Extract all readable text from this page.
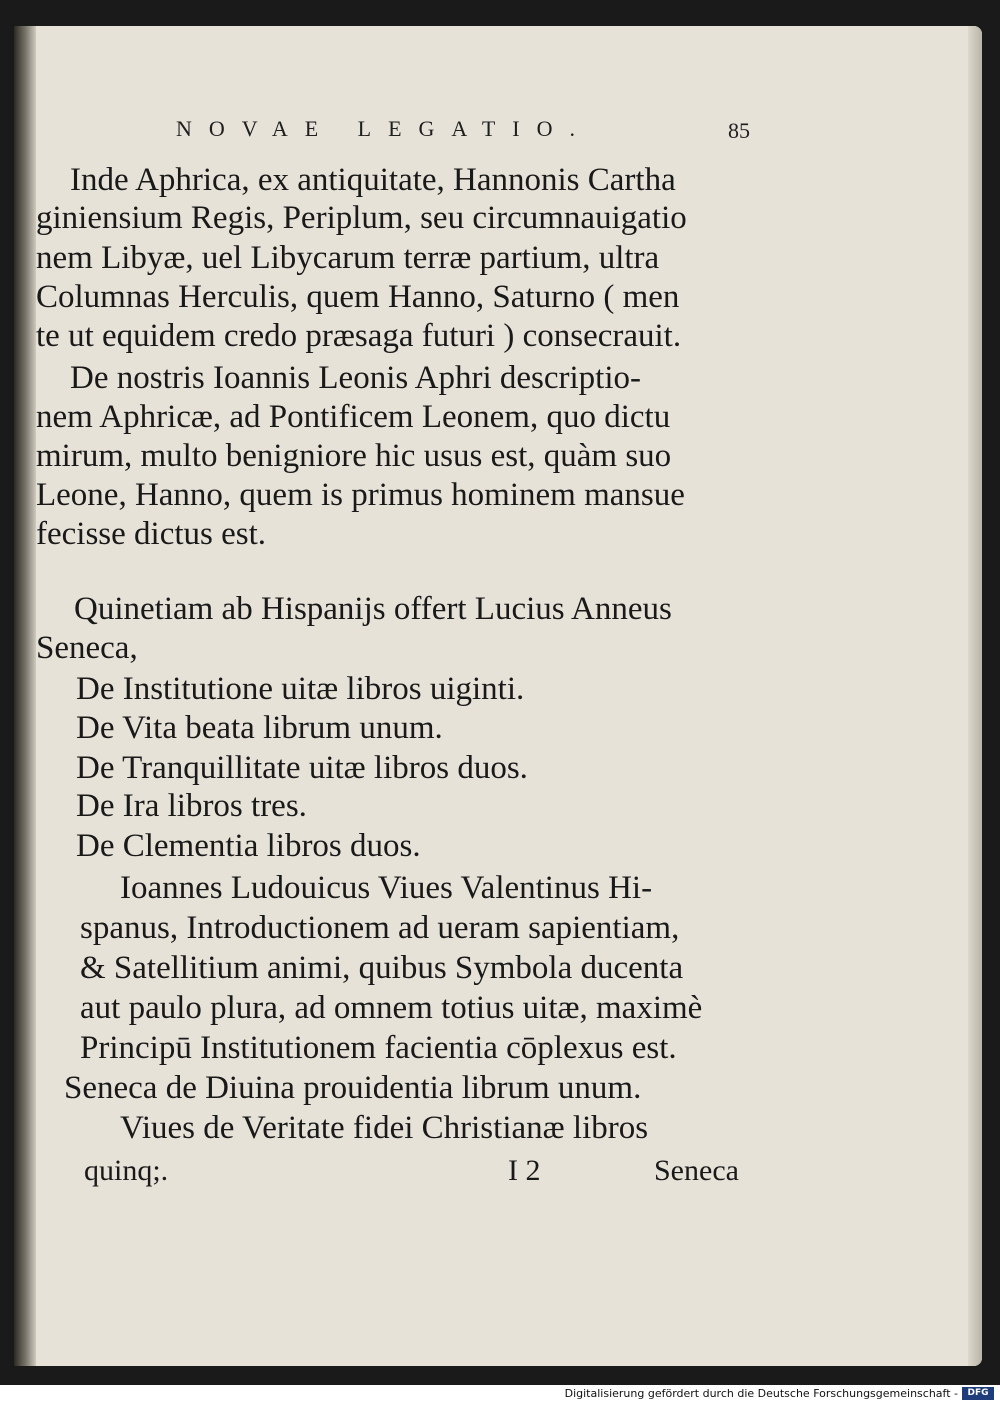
NOVAE LEGATIO.	85
Inde Aphrica, ex antiquitate, Hannonis Cartha
giniensium Regis, Periplum, seu circumnauigatio
nem Libyæ, uel Libycarum terræ partium, ultra
Columnas Herculis, quem Hanno, Saturno ( men
te ut equidem credo præsaga futuri ) consecrauit.
De nostris Ioannis Leonis Aphri descriptio-
nem Aphricæ, ad Pontificem Leonem, quo dictu
mirum, multo benigniore hic usus est, quàm suo
Leone, Hanno, quem is primus hominem mansue
fecisse dictus est.
Quinetiam ab Hispanijs offert Lucius Anneus
Seneca,
De Institutione uitæ libros uiginti.
De Vita beata librum unum.
De Tranquillitate uitæ libros duos.
De Ira libros tres.
De Clementia libros duos.
Ioannes Ludouicus Viues Valentinus Hi-
spanus, Introductionem ad ueram sapientiam,
& Satellitium animi, quibus Symbola ducenta
aut paulo plura, ad omnem totius uitæ, maximè
Principū Institutionem facientia cōplexus est.
Seneca de Diuina prouidentia librum unum.
Viues de Veritate fidei Christianæ libros
quinq;.	I 2	Seneca
Digitalisierung gefördert durch die Deutsche Forschungsgemeinschaft -	DFG
